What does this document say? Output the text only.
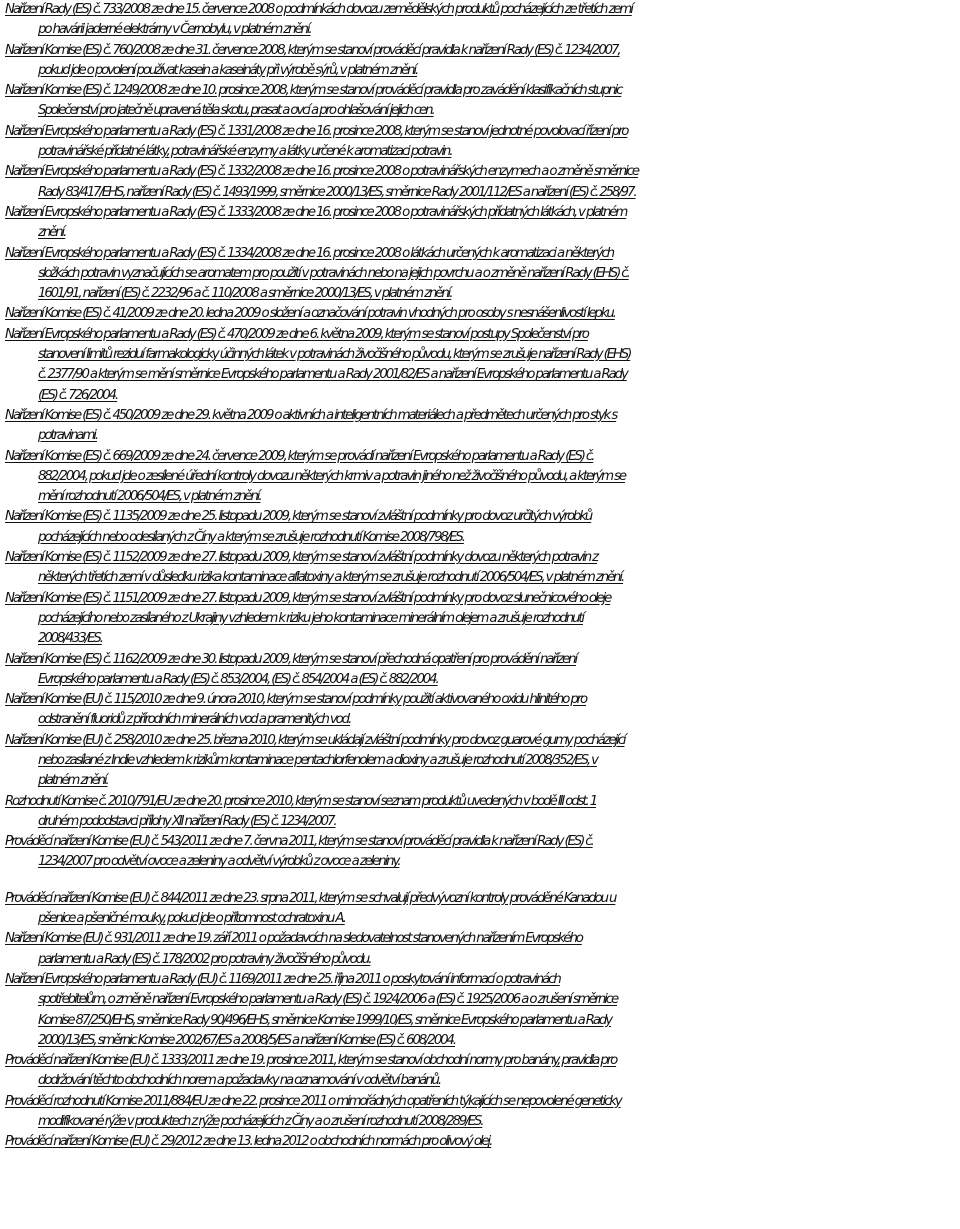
Nařízení Rady (ES) č. 733/2008 ze dne 15. července 2008 o podmínkách dovozu zemědělských produktů pocházejících ze třetích zemí
po havárii jaderné elektrárny v Černobylu, v platném znění.

Nařízení Komise (ES) č. 760/2008 ze dne 31. července 2008, kterým se stanoví prováděcí pravidla k nařízení Rady (ES) č. 1234/2007,
pokud jde o povolení používat kasein a kaseináty při výrobě sýrů, v platném znění.

Nařízení Komise (ES) č. 1249/2008 ze dne 10. prosince 2008, kterým se stanoví prováděcí pravidla pro zavádění klasifikačních stupnic
Společenství pro jatečně upravená těla skotu, prasat a ovcí a pro ohlašování jejich cen.

Nařízení Evropského parlamentu a Rady (ES) č. 1331/2008 ze dne 16. prosince 2008, kterým se stanoví jednotné povolovací řízení pro
potravinářské přídatné látky, potravinářské enzymy a látky určené k aromatizaci potravin.

Nařízení Evropského parlamentu a Rady (ES) č. 1332/2008 ze dne 16. prosince 2008 o potravinářských enzymech a o změně směrnice
Rady 83/417/EHS, nařízení Rady (ES) č. 1493/1999, směrnice 2000/13/ES, směrnice Rady 2001/112/ES a nařízení (ES) č. 258/97.

Nařízení Evropského parlamentu a Rady (ES) č. 1333/2008 ze dne 16. prosince 2008 o potravinářských přídatných látkách, v platném
znění.

Nařízení Evropského parlamentu a Rady (ES) č. 1334/2008 ze dne 16. prosince 2008 o látkách určených k aromatizaci a některých
složkách potravin vyznačujících se aromatem pro použití v potravinách nebo na jejich povrchu a o změně nařízení Rady (EHS) č.
1601/91, nařízení (ES) č. 2232/96 a č. 110/2008 a směrnice 2000/13/ES, v platném znění.

Nařízení Komise (ES) č. 41/2009 ze dne 20. ledna 2009 o složení a označování potravin vhodných pro osoby s nesnášenlivostí lepku.

Nařízení Evropského parlamentu a Rady (ES) č. 470/2009 ze dne 6. května 2009, kterým se stanoví postupy Společenství pro
stanovení limitů reziduí farmakologicky účinných látek v potravinách živočišného původu, kterým se zrušuje nařízení Rady (EHS)
č. 2377/90 a kterým se mění směrnice Evropského parlamentu a Rady 2001/82/ES a nařízení Evropského parlamentu a Rady
(ES) č. 726/2004.

Nařízení Komise (ES) č. 450/2009 ze dne 29. května 2009 o aktivních a inteligentních materiálech a předmětech určených pro styk s
potravinami.

Nařízení Komise (ES) č. 669/2009 ze dne 24. července 2009, kterým se provádí nařízení Evropského parlamentu a Rady (ES) č.
882/2004, pokud jde o zesílené úřední kontroly dovozu některých krmiv a potravin jiného než živočišného původu, a kterým se
mění rozhodnutí 2006/504/ES, v platném znění.

Nařízení Komise (ES) č. 1135/2009 ze dne 25. listopadu 2009, kterým se stanoví zvláštní podmínky pro dovoz určitých výrobků
pocházejících nebo odesílaných z Číny a kterým se zrušuje rozhodnutí Komise 2008/798/ES.

Nařízení Komise (ES) č. 1152/2009 ze dne 27. listopadu 2009, kterým se stanoví zvláštní podmínky dovozu některých potravin z
některých třetích zemí v důsledku rizika kontaminace aflatoxiny a kterým se zrušuje rozhodnutí 2006/504/ES, v platném znění.

Nařízení Komise (ES) č. 1151/2009 ze dne 27. listopadu 2009, kterým se stanoví zvláštní podmínky pro dovoz slunečnicového oleje
pocházejícího nebo zasílaného z Ukrajiny vzhledem k riziku jeho kontaminace minerálním olejem a zrušuje rozhodnutí
2008/433/ES.

Nařízení Komise (ES) č. 1162/2009 ze dne 30. listopadu 2009, kterým se stanoví přechodná opatření pro provádění nařízení
Evropského parlamentu a Rady (ES) č. 853/2004, (ES) č. 854/2004 a (ES) č. 882/2004.

Nařízení Komise (EU) č. 115/2010 ze dne 9. února 2010, kterým se stanoví podmínky použití aktivovaného oxidu hlinitého pro
odstranění fluoridů z přírodních minerálních vod a pramenitých vod.

Nařízení Komise (EU) č. 258/2010 ze dne 25. března 2010, kterým se ukládají zvláštní podmínky pro dovoz guarové gumy pocházející
nebo zasílané z Indie vzhledem k rizikům kontaminace pentachlorfenolem a dioxiny a zrušuje rozhodnutí 2008/352/ES, v
platném znění.

Rozhodnutí Komise č. 2010/791/EU ze dne 20. prosince 2010, kterým se stanoví seznam produktů uvedených v bodě III odst. 1
druhém pododstavci přílohy XII nařízení Rady (ES) č. 1234/2007.

Prováděcí nařízení Komise (EU) č. 543/2011 ze dne 7. června 2011, kterým se stanoví prováděcí pravidla k nařízení Rady (ES) č.
1234/2007 pro odvětví ovoce a zeleniny a odvětví výrobků z ovoce a zeleniny.

Prováděcí nařízení Komise (EU) č. 844/2011 ze dne 23. srpna 2011, kterým se schvalují předvývozní kontroly prováděné Kanadou u
pšenice a pšeničné mouky, pokud jde o přítomnost ochratoxinu A.

Nařízení Komise (EU) č. 931/2011 ze dne 19. září 2011 o požadavcích na sledovatelnost stanovených nařízením Evropského
parlamentu a Rady (ES) č. 178/2002 pro potraviny živočišného původu.

Nařízení Evropského parlamentu a Rady (EU) č. 1169/2011 ze dne 25. října 2011 o poskytování informací o potravinách
spotřebitelům, o změně nařízení Evropského parlamentu a Rady (ES) č. 1924/2006 a (ES) č. 1925/2006 a o zrušení směrnice
Komise 87/250/EHS, směrnice Rady 90/496/EHS, směrnice Komise 1999/10/ES, směrnice Evropského parlamentu a Rady
2000/13/ES, směrnic Komise 2002/67/ES a 2008/5/ES a nařízení Komise (ES) č. 608/2004.

Prováděcí nařízení Komise (EU) č. 1333/2011 ze dne 19. prosince 2011, kterým se stanoví obchodní normy pro banány, pravidla pro
dodržování těchto obchodních norem a požadavky na oznamování v odvětví banánů.

Prováděcí rozhodnutí Komise 2011/884/EU ze dne 22. prosince 2011 o mimořádných opatřeních týkajících se nepovolené geneticky
modifikované rýže v produktech z rýže pocházejících z Číny a o zrušení rozhodnutí 2008/289/ES.

Prováděcí nařízení Komise (EU) č. 29/2012 ze dne 13. ledna 2012 o obchodních normách pro olivový olej.
